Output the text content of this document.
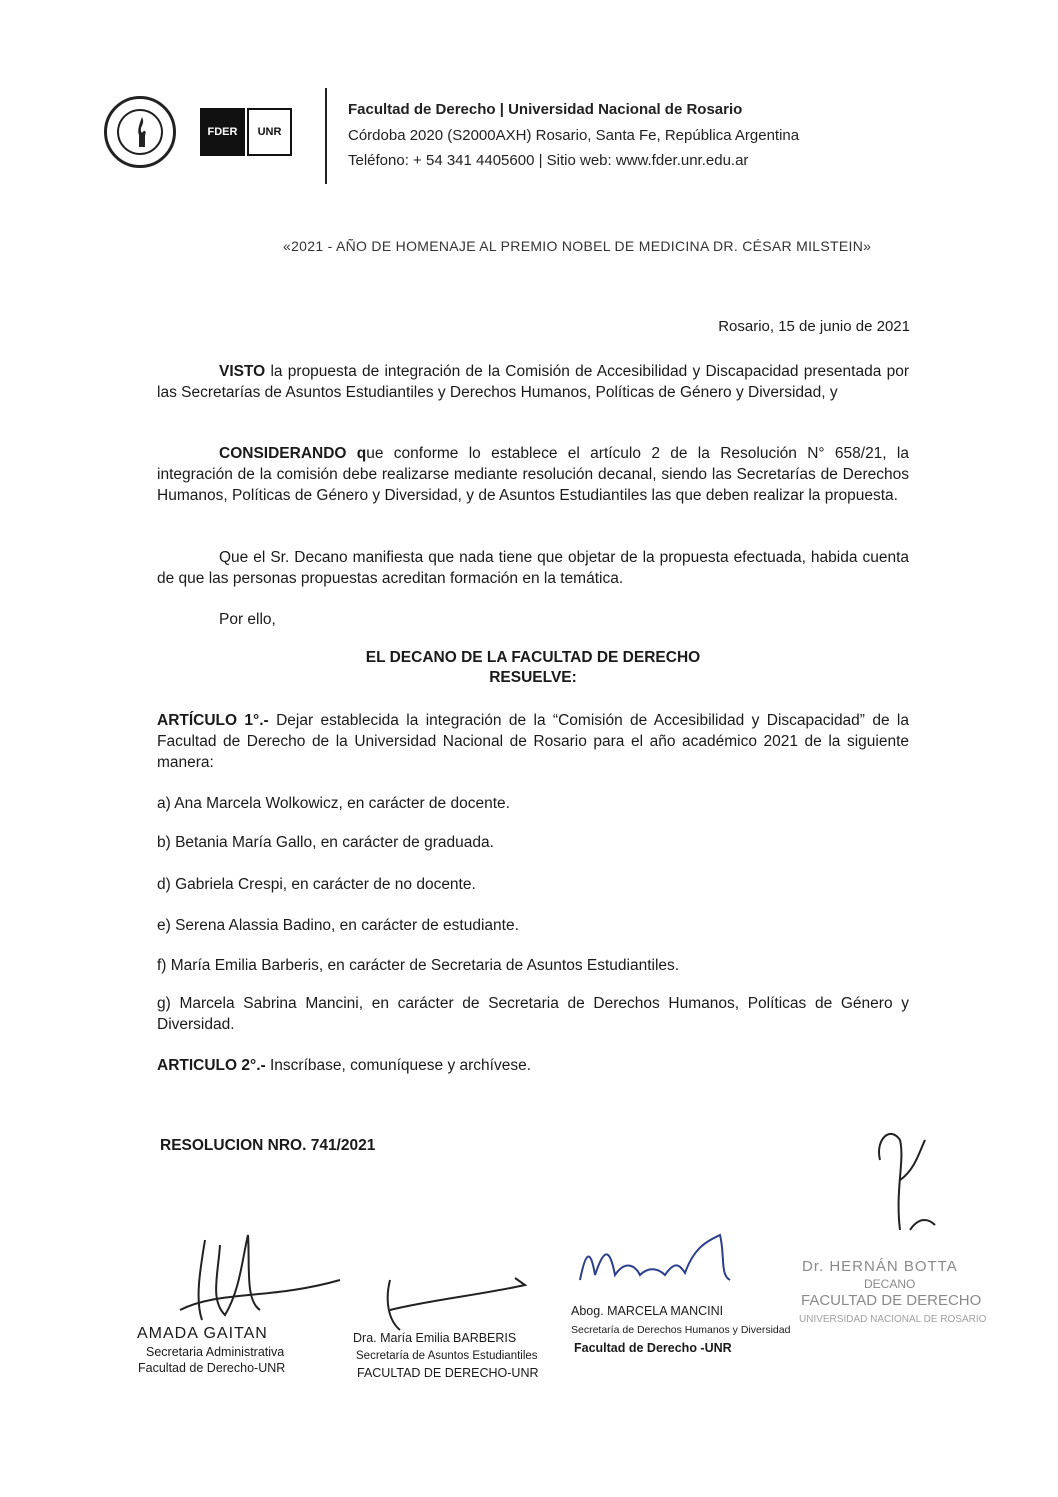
FDER	UNR
Facultad de Derecho | Universidad Nacional de Rosario
Córdoba 2020 (S2000AXH) Rosario, Santa Fe, República Argentina
Teléfono: + 54 341 4405600 | Sitio web: www.fder.unr.edu.ar
«2021 - AÑO DE HOMENAJE AL PREMIO NOBEL DE MEDICINA DR. CÉSAR MILSTEIN»
Rosario, 15 de junio de 2021
VISTO la propuesta de integración de la Comisión de Accesibilidad y Discapacidad presentada por las Secretarías de Asuntos Estudiantiles y Derechos Humanos, Políticas de Género y Diversidad, y
CONSIDERANDO que conforme lo establece el artículo 2 de la Resolución N° 658/21, la integración de la comisión debe realizarse mediante resolución decanal, siendo las Secretarías de Derechos Humanos, Políticas de Género y Diversidad, y de Asuntos Estudiantiles las que deben realizar la propuesta.
Que el Sr. Decano manifiesta que nada tiene que objetar de la propuesta efectuada, habida cuenta de que las personas propuestas acreditan formación en la temática.
Por ello,
EL DECANO DE LA FACULTAD DE DERECHO
RESUELVE:
ARTÍCULO 1°.- Dejar establecida la integración de la “Comisión de Accesibilidad y Discapacidad” de la Facultad de Derecho de la Universidad Nacional de Rosario para el año académico 2021 de la siguiente manera:
a) Ana Marcela Wolkowicz, en carácter de docente.
b) Betania María Gallo, en carácter de graduada.
d) Gabriela Crespi, en carácter de no docente.
e) Serena Alassia Badino, en carácter de estudiante.
f) María Emilia Barberis, en carácter de Secretaria de Asuntos Estudiantiles.
g) Marcela Sabrina Mancini, en carácter de Secretaria de Derechos Humanos, Políticas de Género y Diversidad.
ARTICULO 2°.- Inscríbase, comuníquese y archívese.
RESOLUCION NRO. 741/2021
AMADA GAITAN
Secretaria Administrativa
Facultad de Derecho-UNR
Dra. María Emilia BARBERIS
Secretaría de Asuntos Estudiantiles
FACULTAD DE DERECHO-UNR
Abog. MARCELA MANCINI
Secretaría de Derechos Humanos y Diversidad
Facultad de Derecho -UNR
Dr. HERNÁN BOTTA
DECANO
FACULTAD DE DERECHO
UNIVERSIDAD NACIONAL DE ROSARIO
